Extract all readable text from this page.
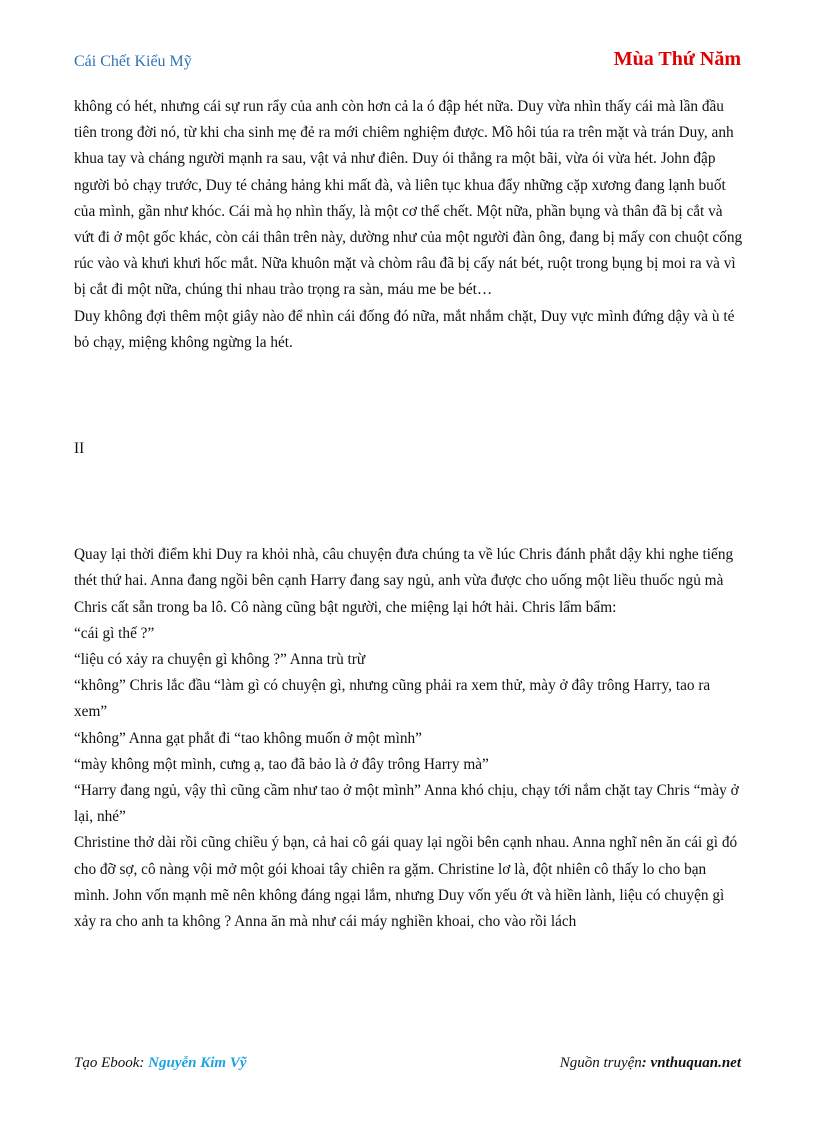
Cái Chết Kiểu Mỹ	Mùa Thứ Năm

không có hét, nhưng cái sự run rẩy của anh còn hơn cả la ó đập hét nữa. Duy vừa nhìn thấy cái mà lần đầu tiên trong đời nó, từ khi cha sinh mẹ đẻ ra mới chiêm nghiệm được. Mồ hôi túa ra trên mặt và trán Duy, anh khua tay và cháng người mạnh ra sau, vật vả như điên. Duy ói thẳng ra một bãi, vừa ói vừa hét. John đập người bỏ chạy trước, Duy té chảng hảng khi mất đà, và liên tục khua đẩy những cặp xương đang lạnh buốt của mình, gần như khóc. Cái mà họ nhìn thấy, là một cơ thể chết. Một nữa, phần bụng và thân đã bị cắt và vứt đi ở một gốc khác, còn cái thân trên này, dường như của một người đàn ông, đang bị mấy con chuột cống rúc vào và khưi khưi hốc mắt. Nữa khuôn mặt và chòm râu đã bị cấy nát bét, ruột trong bụng bị moi ra và vì bị cắt đi một nữa, chúng thi nhau trào trọng ra sàn, máu me be bét…

Duy không đợi thêm một giây nào để nhìn cái đống đó nữa, mắt nhắm chặt, Duy vực mình đứng dậy và ù té bỏ chạy, miệng không ngừng la hét.

II

Quay lại thời điểm khi Duy ra khỏi nhà, câu chuyện đưa chúng ta về lúc Chris đánh phắt dậy khi nghe tiếng thét thứ hai. Anna đang ngồi bên cạnh Harry đang say ngủ, anh vừa được cho uống một liều thuốc ngủ mà Chris cất sẵn trong ba lô. Cô nàng cũng bật người, che miệng lại hớt hải. Chris lẩm bẩm:

“cái gì thế ?”

“liệu có xảy ra chuyện gì không ?” Anna trù trừ

“không” Chris lắc đầu “làm gì có chuyện gì, nhưng cũng phải ra xem thử, mày ở đây trông Harry, tao ra xem”

“không” Anna gạt phắt đi “tao không muốn ở một mình”

“mày không một mình, cưng ạ, tao đã bảo là ở đây trông Harry mà”

“Harry đang ngủ, vậy thì cũng cầm như tao ở một mình” Anna khó chịu, chạy tới nắm chặt tay Chris “mày ở lại, nhé”

Christine thở dài rồi cũng chiều ý bạn, cả hai cô gái quay lại ngồi bên cạnh nhau. Anna nghĩ nên ăn cái gì đó cho đỡ sợ, cô nàng vội mở một gói khoai tây chiên ra gặm. Christine lơ là, đột nhiên cô thấy lo cho bạn mình. John vốn mạnh mẽ nên không đáng ngại lắm, nhưng Duy vốn yếu ớt và hiền lành, liệu có chuyện gì xảy ra cho anh ta không ? Anna ăn mà như cái máy nghiền khoai, cho vào rồi lách

Tạo Ebook: Nguyễn Kim Vỹ	Nguồn truyện: vnthuquan.net
